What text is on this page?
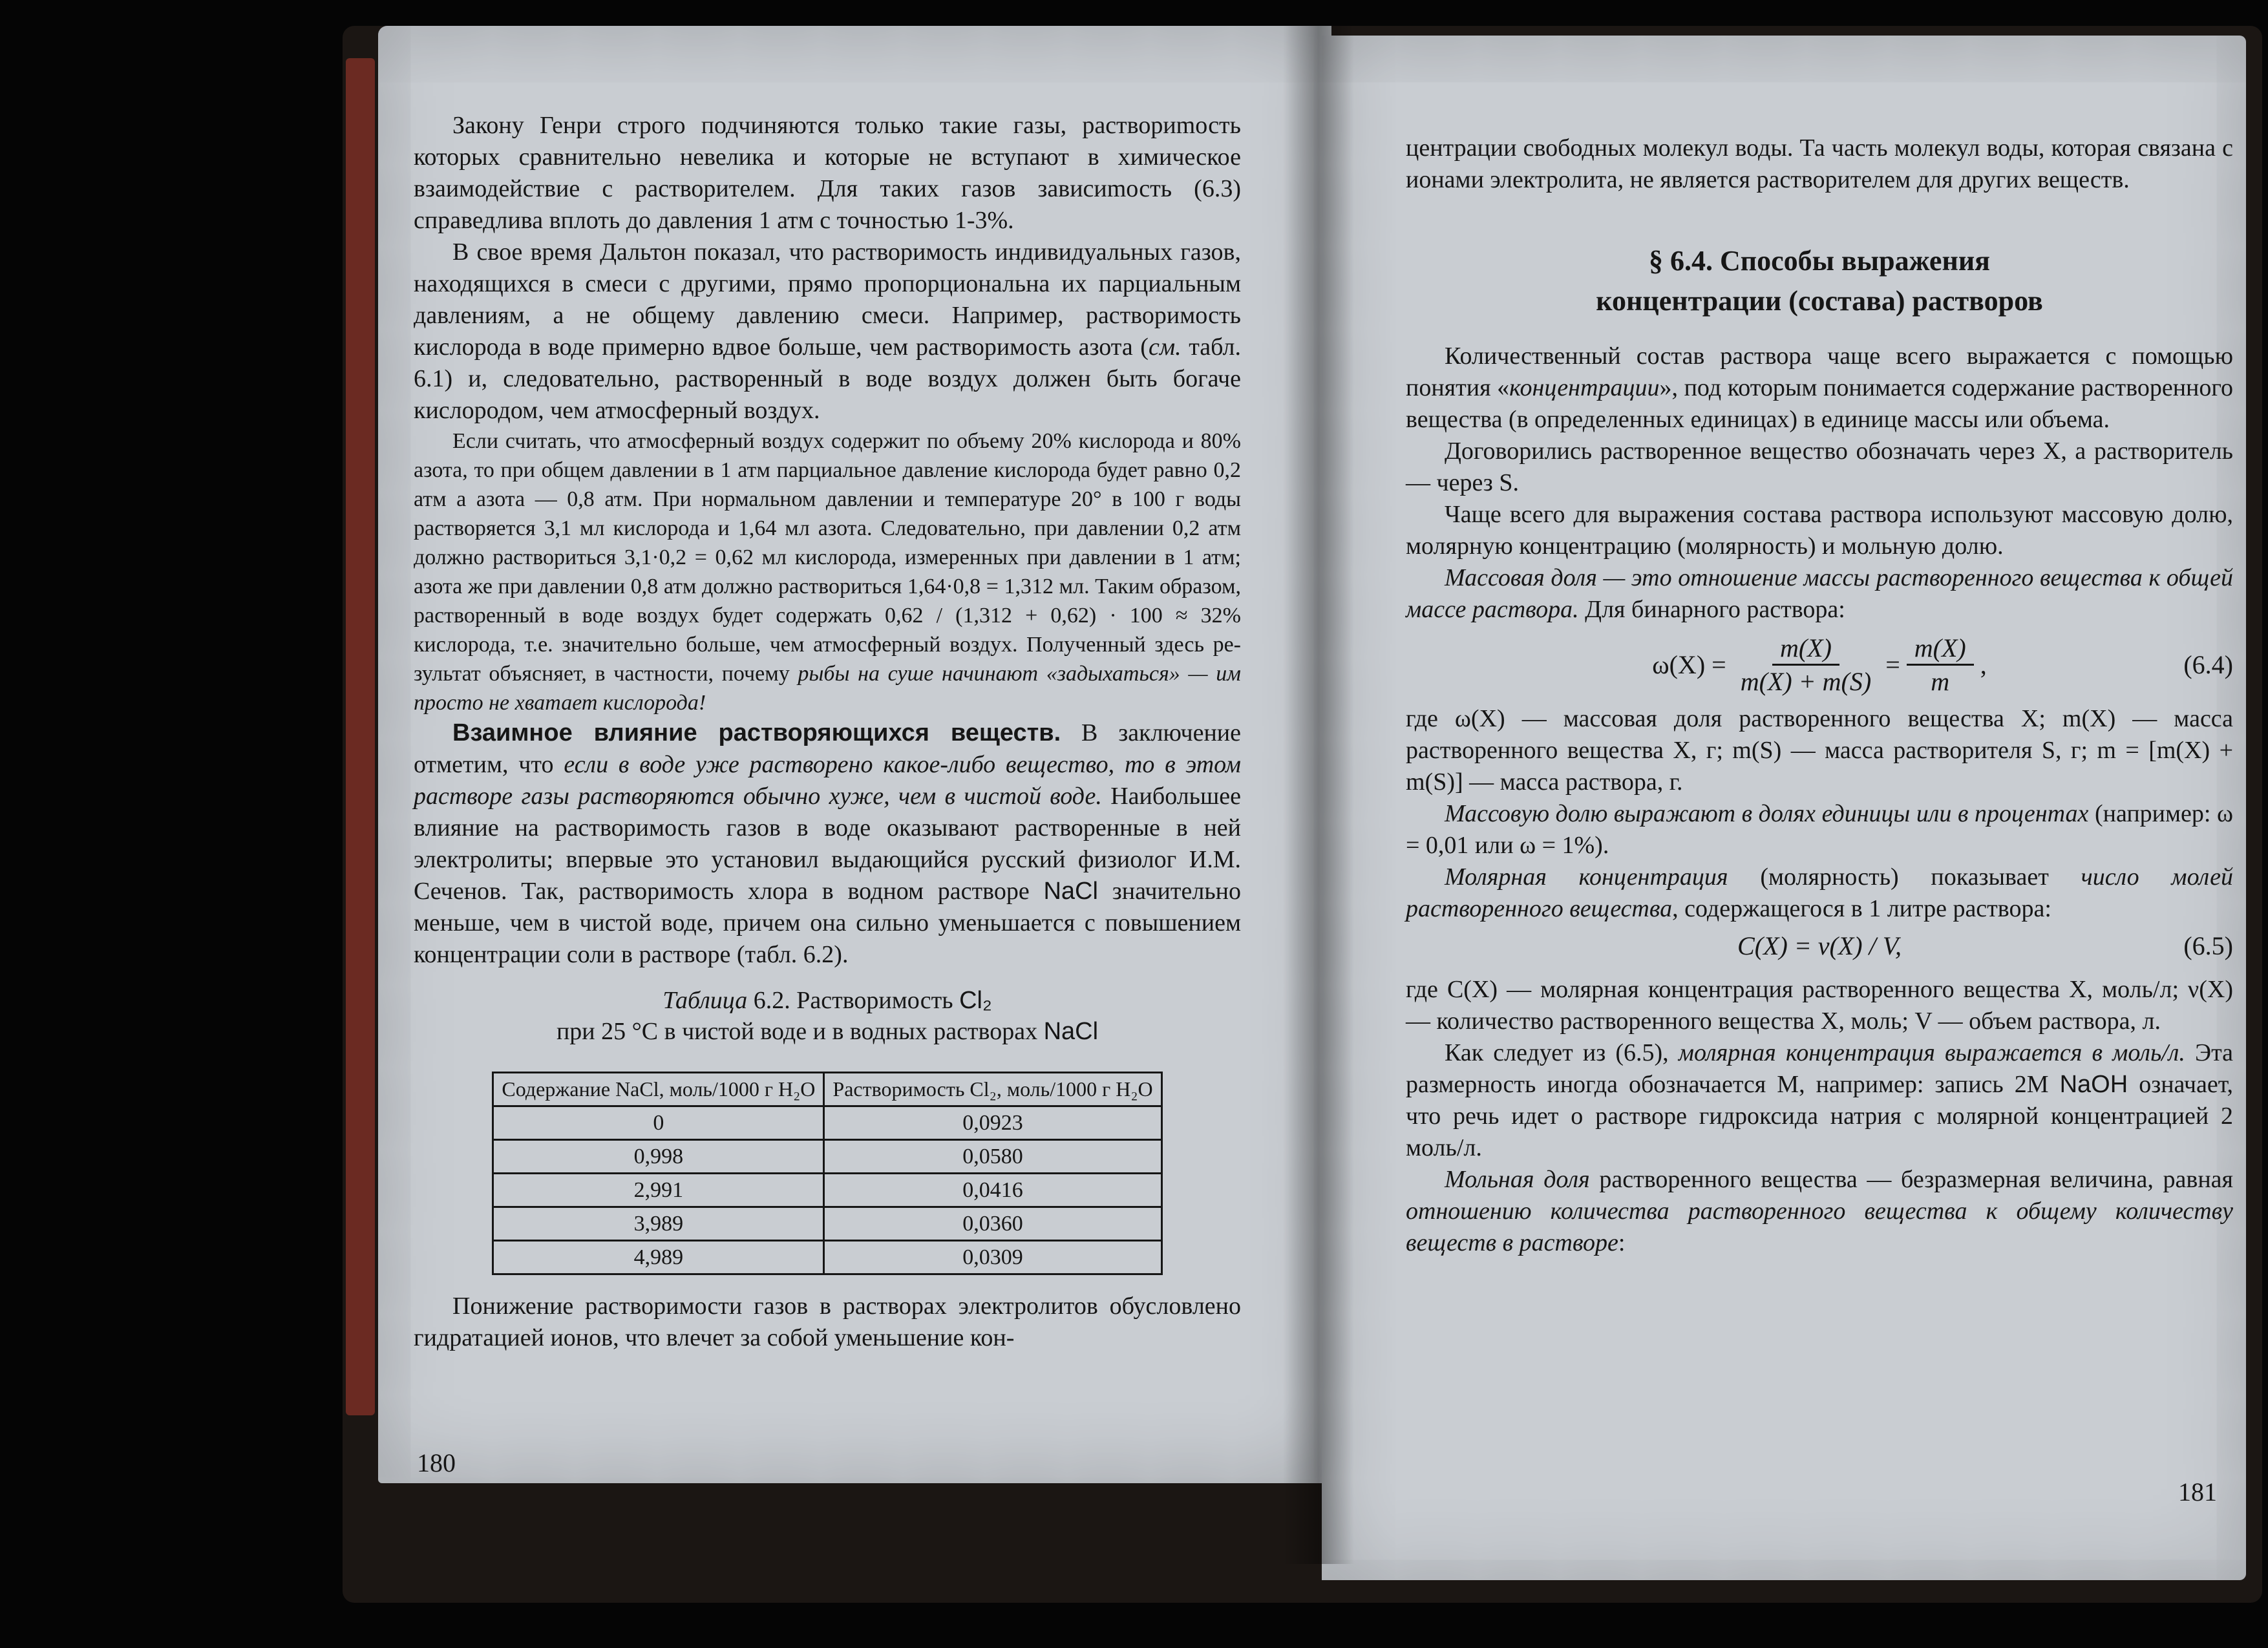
Закону Генри строго подчиняются только такие газы, раствориmость которых сравнительно невелика и которые не вступают в химическое взаимодействие с растворителем. Для таких газов зависиmость (6.3) справедлива вплоть до давления 1 атм с точностью 1-3%.

В свое время Дальтон показал, что растворимость индивидуальных газов, находящихся в смеси с другими, прямо пропорциональна их парциальным давлениям, а не общему давлению смеси. Например, растворимость кислорода в воде примерно вдвое больше, чем растворимость азота (см. табл. 6.1) и, следовательно, растворенный в воде воздух должен быть богаче кислородом, чем атмосферный воздух.

Если считать, что атмосферный воздух содержит по объему 20% кислорода и 80% азота, то при общем давлении в 1 атм парциальное давление кислорода будет равно 0,2 атм а азота — 0,8 атм. При нормальном давлении и температуре 20° в 100 г воды растворяется 3,1 мл кислорода и 1,64 мл азота. Следовательно, при давлении 0,2 атм должно раствориться 3,1·0,2 = 0,62 мл кислорода, измеренных при давлении в 1 атм; азота же при давлении 0,8 атм должно раствориться 1,64·0,8 = 1,312 мл. Таким образом, растворенный в воде воздух будет содержать 0,62 / (1,312 + 0,62) · 100 ≈ 32% кислорода, т.е. значительно больше, чем атмосферный воздух. Полученный здесь результат объясняет, в частности, почему рыбы на суше начинают «задыхаться» — им просто не хватает кислорода!

Взаимное влияние растворяющихся веществ. В заключение отметим, что если в воде уже растворено какое-либо вещество, то в этом растворе газы растворяются обычно хуже, чем в чистой воде. Наибольшее влияние на растворимость газов в воде оказывают растворенные в ней электролиты; впервые это установил выдающийся русский физиолог И.М. Сеченов. Так, растворимость хлора в водном растворе NaCl значительно меньше, чем в чистой воде, причем она сильно уменьшается с повышением концентрации соли в растворе (табл. 6.2).

Таблица 6.2. Растворимость Cl₂
при 25 °С в чистой воде и в водных растворах NaCl

Содержание NaCl, моль/1000 г H₂O	Растворимость Cl₂, моль/1000 г H₂O
0	0,0923
0,998	0,0580
2,991	0,0416
3,989	0,0360
4,989	0,0309

Понижение растворимости газов в растворах электролитов обусловлено гидратацией ионов, что влечет за собой уменьшение кон-

180

центрации свободных молекул воды. Та часть молекул воды, которая связана с ионами электролита, не является растворителем для других веществ.

§ 6.4. Способы выражения
концентрации (состава) растворов

Количественный состав раствора чаще всего выражается с помощью понятия «концентрации», под которым понимается содержание растворенного вещества (в определенных единицах) в единице массы или объема.

Договорились растворенное вещество обозначать через X, а растворитель — через S.

Чаще всего для выражения состава раствора используют массовую долю, молярную концентрацию (молярность) и мольную долю.

Массовая доля — это отношение массы растворенного вещества к общей массе раствора. Для бинарного раствора:

$\omega(X) = \frac{m(X)}{m(X) + m(S)} = \frac{m(X)}{m}$ ,	(6.4)

где ω(X) — массовая доля растворенного вещества X; m(X) — масса растворенного вещества X, г; m(S) — масса растворителя S, г; m = [m(X) + m(S)] — масса раствора, г.

Массовую долю выражают в долях единицы или в процентах (например: ω = 0,01 или ω = 1%).

Молярная концентрация (молярность) показывает число молей растворенного вещества, содержащегося в 1 литре раствора:

C(X) = ν(X) / V,	(6.5)

где C(X) — молярная концентрация растворенного вещества X, моль/л; ν(X) — количество растворенного вещества X, моль; V — объем раствора, л.

Как следует из (6.5), молярная концентрация выражается в моль/л. Эта размерность иногда обозначается М, например: запись 2М NaOH означает, что речь идет о растворе гидроксида натрия с молярной концентрацией 2 моль/л.

Мольная доля растворенного вещества — безразмерная величина, равная отношению количества растворенного вещества к общему количеству веществ в растворе:

181
